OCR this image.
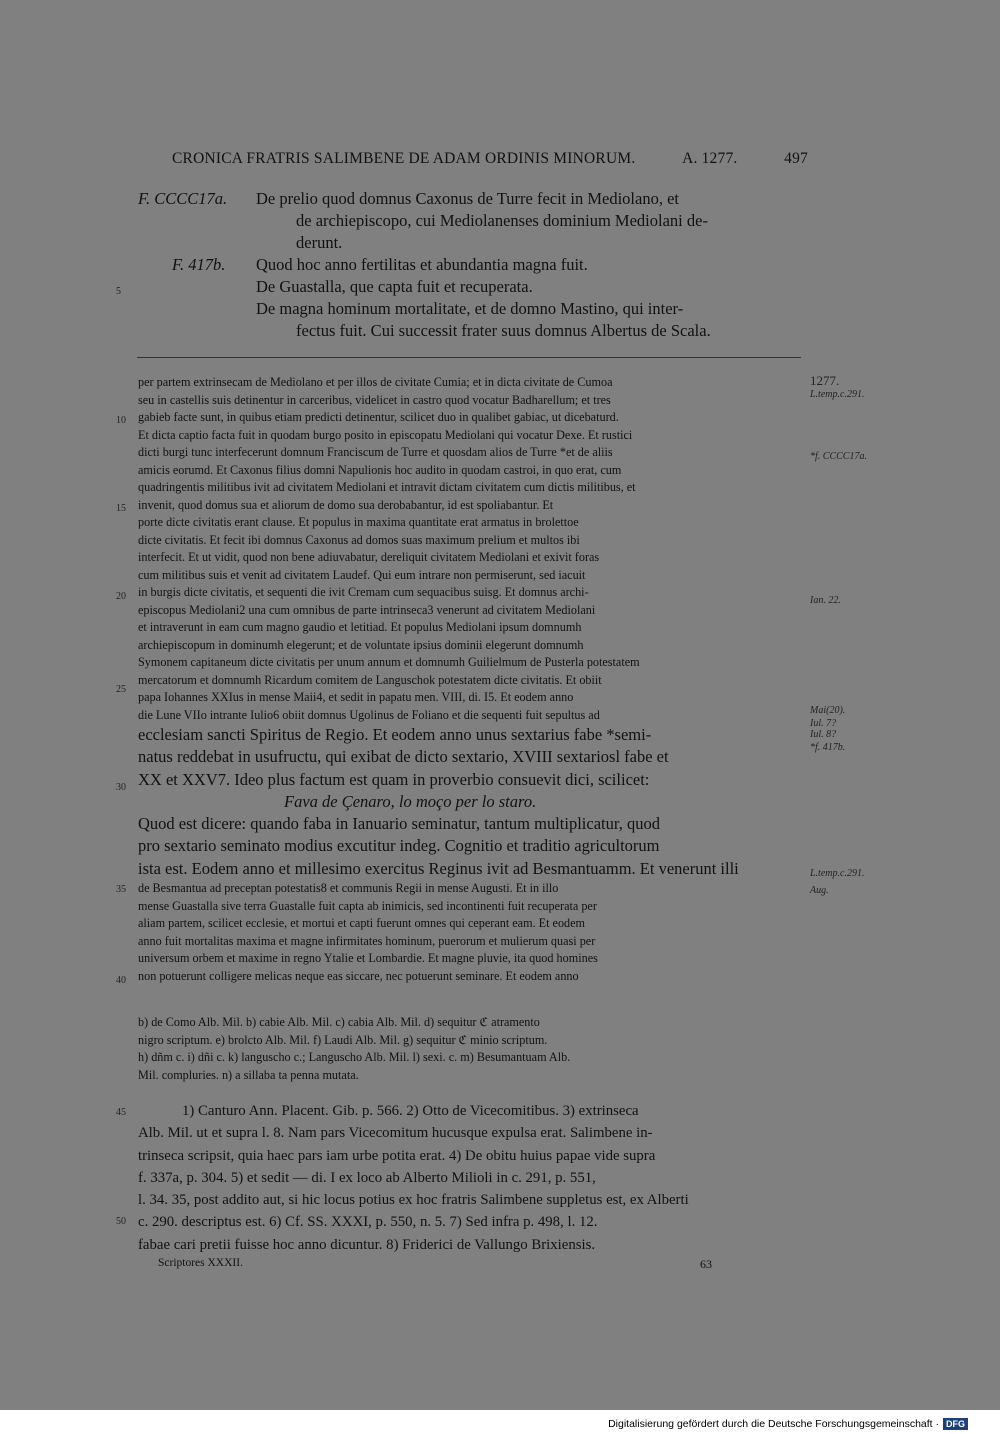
CRONICA FRATRIS SALIMBENE DE ADAM ORDINIS MINORUM.	A. 1277.	497
F. CCCC17a. De prelio quod domnus Caxonus de Turre fecit in Mediolano, et
de archiepiscopo, cui Mediolanenses dominium Mediolani de-
derunt.
F. 417b. Quod hoc anno fertilitas et abundantia magna fuit.
De Guastalla, que capta fuit et recuperata.
De magna hominum mortalitate, et de domno Mastino, qui inter-
fectus fuit. Cui successit frater suus domnus Albertus de Scala.
5
per partem extrinsecam de Mediolano et per illos de civitate Cumia; et in dicta civitate de Cumoa
seu in castellis suis detinentur in carceribus, videlicet in castro quod vocatur Badharellum; et tres
gabieb facte sunt, in quibus etiam predicti detinentur, scilicet duo in qualibet gabiac, ut dicebaturd.
Et dicta captio facta fuit in quodam burgo posito in episcopatu Mediolani qui vocatur Dexe. Et rustici
dicti burgi tunc interfecerunt domnum Franciscum de Turre et quosdam alios de Turre *et de aliis
amicis eorumd. Et Caxonus filius domni Napulionis hoc audito in quodam castroi, in quo erat, cum
quadringentis militibus ivit ad civitatem Mediolani et intravit dictam civitatem cum dictis militibus, et
invenit, quod domus sua et aliorum de domo sua derobabantur, id est spoliabantur. Et
porte dicte civitatis erant clause. Et populus in maxima quantitate erat armatus in brolettoe
dicte civitatis. Et fecit ibi domnus Caxonus ad domos suas maximum prelium et multos ibi
interfecit. Et ut vidit, quod non bene adiuvabatur, dereliquit civitatem Mediolani et exivit foras
cum militibus suis et venit ad civitatem Laudef. Qui eum intrare non permiserunt, sed iacuit
in burgis dicte civitatis, et sequenti die ivit Cremam cum sequacibus suisg. Et domnus archi-
episcopus Mediolani2 una cum omnibus de parte intrinseca3 venerunt ad civitatem Mediolani
et intraverunt in eam cum magno gaudio et letitiad. Et populus Mediolani ipsum domnumh
archiepiscopum in dominumh elegerunt; et de voluntate ipsius dominii elegerunt domnumh
Symonem capitaneum dicte civitatis per unum annum et domnumh Guilielmum de Pusterla potestatem
mercatorum et domnumh Ricardum comitem de Languschok potestatem dicte civitatis. Et obiit
papa Iohannes XXIus in mense Maii4, et sedit in papatu men. VIII, di. I5. Et eodem anno
die Lune VIIo intrante Iulio6 obiit domnus Ugolinus de Foliano et die sequenti fuit sepultus ad
ecclesiam sancti Spiritus de Regio. Et eodem anno unus sextarius fabe *semi-
natus reddebat in usufructu, qui exibat de dicto sextario, XVIII sextariosl fabe et
XX et XXV7. Ideo plus factum est quam in proverbio consuevit dici, scilicet:
Fava de Çenaro, lo moço per lo staro.
Quod est dicere: quando faba in Ianuario seminatur, tantum multiplicatur, quod
pro sextario seminato modius excutitur indeg. Cognitio et traditio agricultorum
ista est. Eodem anno et millesimo exercitus Reginus ivit ad Besmantuamm. Et venerunt illi
de Besmantua ad preceptan potestatis8 et communis Regii in mense Augusti. Et in illo
mense Guastalla sive terra Guastalle fuit capta ab inimicis, sed incontinenti fuit recuperata per
aliam partem, scilicet ecclesie, et mortui et capti fuerunt omnes qui ceperant eam. Et eodem
anno fuit mortalitas maxima et magne infirmitates hominum, puerorum et mulierum quasi per
universum orbem et maxime in regno Ytalie et Lombardie. Et magne pluvie, ita quod homines
non potuerunt colligere melicas neque eas siccare, nec potuerunt seminare. Et eodem anno
10
15
20
25
30
35
40
45
50
1277.
L.temp.c.291.
*f. CCCC17a.
Ian. 22.
Mai(20).
Iul. 7?
Iul. 8?
*f. 417b.
L.temp.c.291.
Aug.
b) de Como Alb. Mil. b) cabie Alb. Mil. c) cabia Alb. Mil. d) sequitur ℭ atramento
nigro scriptum. e) brolcto Alb. Mil. f) Laudi Alb. Mil. g) sequitur ℭ minio scriptum.
h) dñm c. i) dñi c. k) languscho c.; Languscho Alb. Mil. l) sexi. c. m) Besumantuam Alb.
Mil. compluries. n) a sillaba ta penna mutata.
1) Canturo Ann. Placent. Gib. p. 566. 2) Otto de Vicecomitibus. 3) extrinseca
Alb. Mil. ut et supra l. 8. Nam pars Vicecomitum hucusque expulsa erat. Salimbene in-
trinseca scripsit, quia haec pars iam urbe potita erat. 4) De obitu huius papae vide supra
f. 337a, p. 304. 5) et sedit — di. I ex loco ab Alberto Milioli in c. 291, p. 551,
l. 34. 35, post addito aut, si hic locus potius ex hoc fratris Salimbene suppletus est, ex Alberti
c. 290. descriptus est. 6) Cf. SS. XXXI, p. 550, n. 5. 7) Sed infra p. 498, l. 12.
fabae cari pretii fuisse hoc anno dicuntur. 8) Friderici de Vallungo Brixiensis.
Scriptores XXXII.	63
Digitalisierung gefördert durch die Deutsche Forschungsgemeinschaft · DFG
